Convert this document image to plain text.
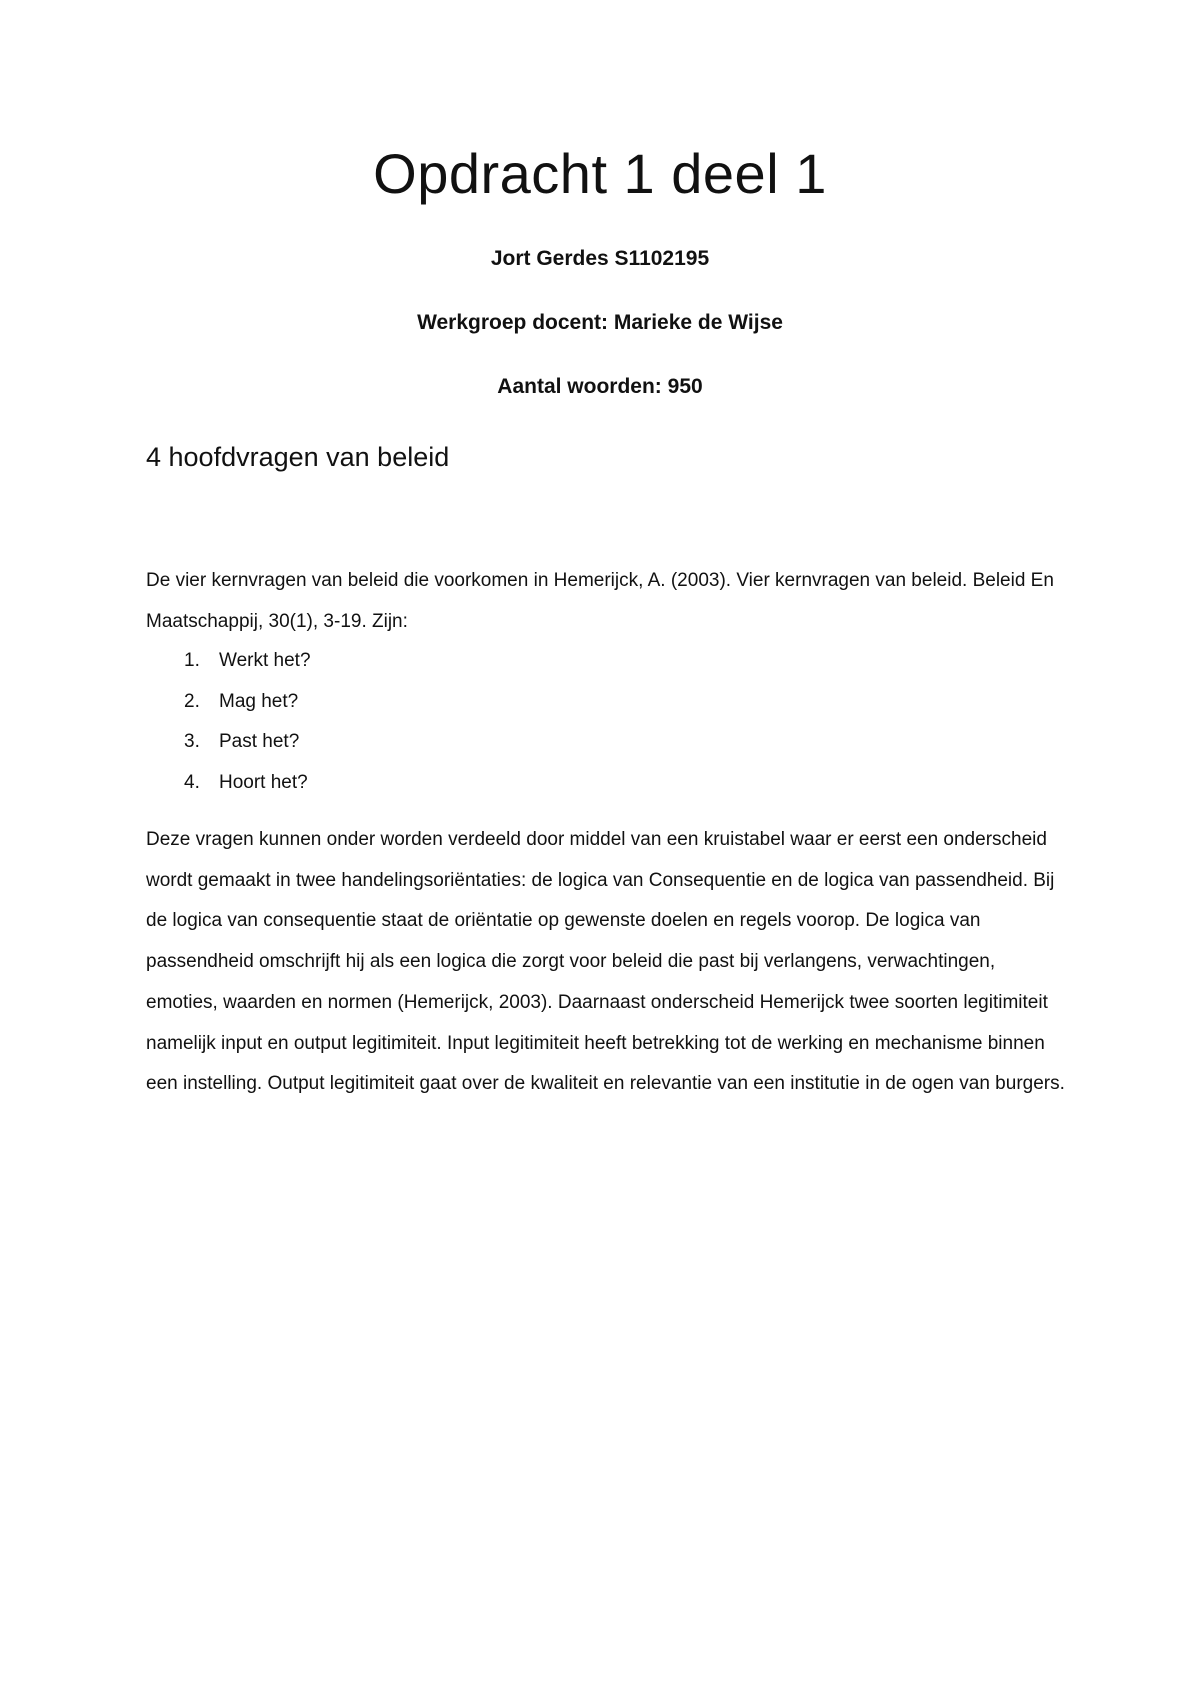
Opdracht 1 deel 1

Jort Gerdes S1102195

Werkgroep docent: Marieke de Wijse

Aantal woorden: 950

4 hoofdvragen van beleid

De vier kernvragen van beleid die voorkomen in Hemerijck, A. (2003). Vier kernvragen van beleid. Beleid En Maatschappij, 30(1), 3-19. Zijn:

1.	Werkt het?
2.	Mag het?
3.	Past het?
4.	Hoort het?

Deze vragen kunnen onder worden verdeeld door middel van een kruistabel waar er eerst een onderscheid wordt gemaakt in twee handelingsoriëntaties: de logica van Consequentie en de logica van passendheid. Bij de logica van consequentie staat de oriëntatie op gewenste doelen en regels voorop. De logica van passendheid omschrijft hij als een logica die zorgt voor beleid die past bij verlangens, verwachtingen, emoties, waarden en normen (Hemerijck, 2003). Daarnaast onderscheid Hemerijck twee soorten legitimiteit namelijk input en output legitimiteit. Input legitimiteit heeft betrekking tot de werking en mechanisme binnen een instelling. Output legitimiteit gaat over de kwaliteit en relevantie van een institutie in de ogen van burgers.
